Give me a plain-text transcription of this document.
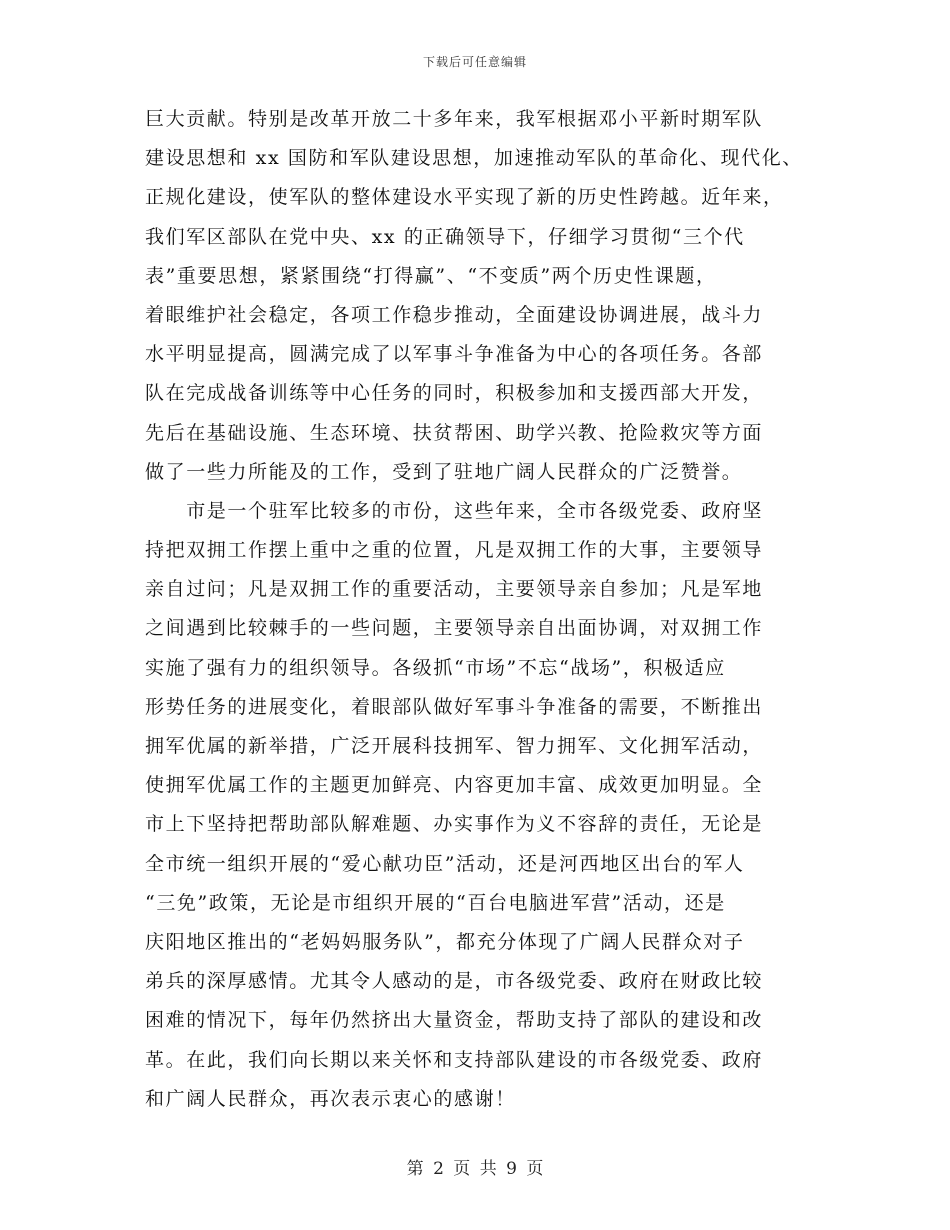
下载后可任意编辑
巨大贡献。特别是改革开放二十多年来，我军根据邓小平新时期军队
建设思想和 xx 国防和军队建设思想，加速推动军队的革命化、现代化、
正规化建设，使军队的整体建设水平实现了新的历史性跨越。近年来，
我们军区部队在党中央、xx 的正确领导下，仔细学习贯彻“三个代
表”重要思想，紧紧围绕“打得赢”、“不变质”两个历史性课题，
着眼维护社会稳定，各项工作稳步推动，全面建设协调进展，战斗力
水平明显提高，圆满完成了以军事斗争准备为中心的各项任务。各部
队在完成战备训练等中心任务的同时，积极参加和支援西部大开发，
先后在基础设施、生态环境、扶贫帮困、助学兴教、抢险救灾等方面
做了一些力所能及的工作，受到了驻地广阔人民群众的广泛赞誉。
　　市是一个驻军比较多的市份，这些年来，全市各级党委、政府坚
持把双拥工作摆上重中之重的位置，凡是双拥工作的大事，主要领导
亲自过问；凡是双拥工作的重要活动，主要领导亲自参加；凡是军地
之间遇到比较棘手的一些问题，主要领导亲自出面协调，对双拥工作
实施了强有力的组织领导。各级抓“市场”不忘“战场”，积极适应
形势任务的进展变化，着眼部队做好军事斗争准备的需要，不断推出
拥军优属的新举措，广泛开展科技拥军、智力拥军、文化拥军活动，
使拥军优属工作的主题更加鲜亮、内容更加丰富、成效更加明显。全
市上下坚持把帮助部队解难题、办实事作为义不容辞的责任，无论是
全市统一组织开展的“爱心献功臣”活动，还是河西地区出台的军人
“三免”政策，无论是市组织开展的“百台电脑进军营”活动，还是
庆阳地区推出的“老妈妈服务队”，都充分体现了广阔人民群众对子
弟兵的深厚感情。尤其令人感动的是，市各级党委、政府在财政比较
困难的情况下，每年仍然挤出大量资金，帮助支持了部队的建设和改
革。在此，我们向长期以来关怀和支持部队建设的市各级党委、政府
和广阔人民群众，再次表示衷心的感谢！
第 2 页 共 9 页
